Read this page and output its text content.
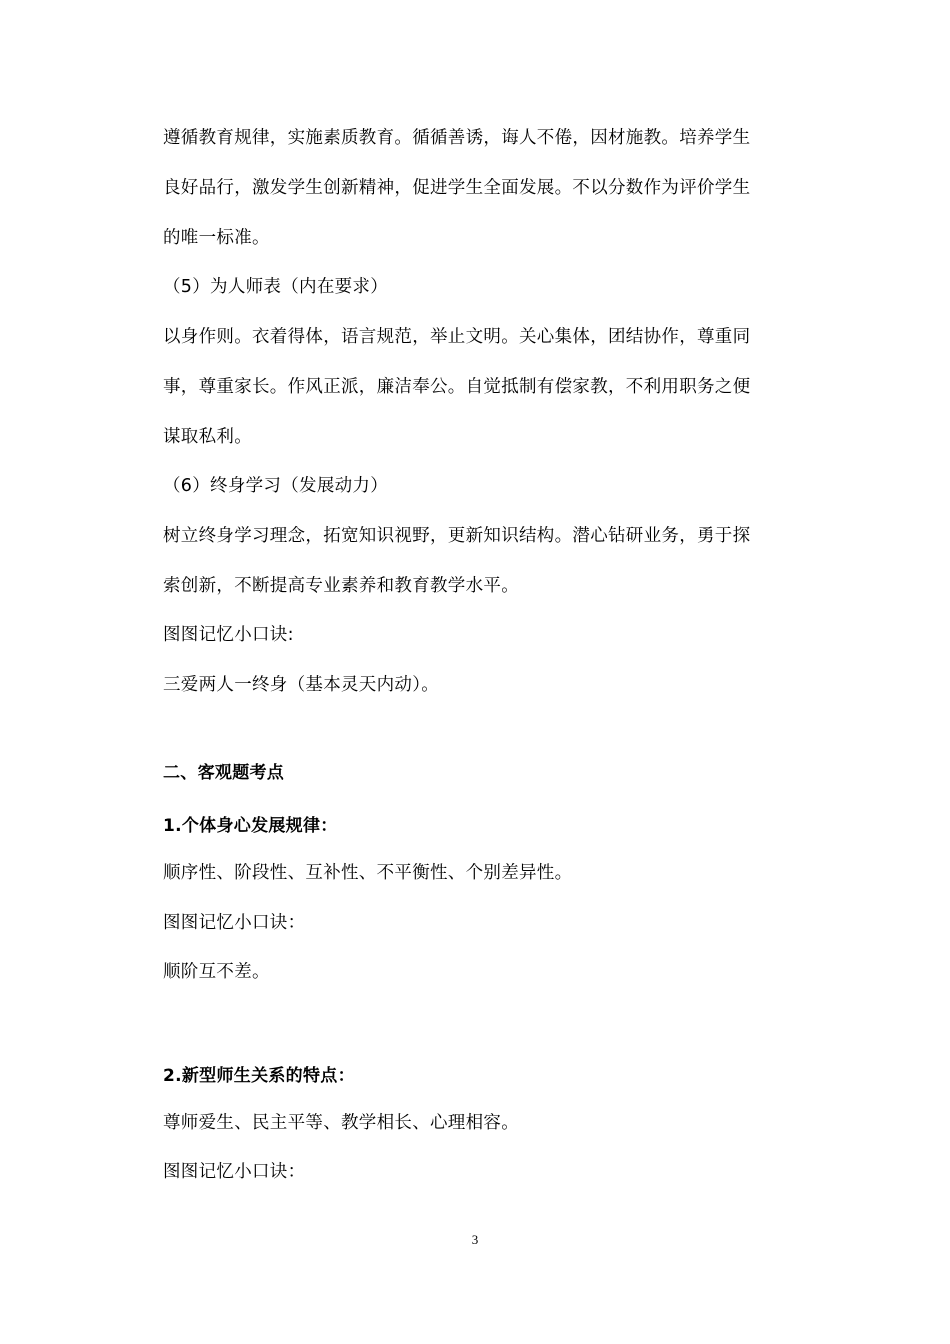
遵循教育规律，实施素质教育。循循善诱，诲人不倦，因材施教。培养学生
良好品行，激发学生创新精神，促进学生全面发展。不以分数作为评价学生
的唯一标准。
（5）为人师表（内在要求）
以身作则。衣着得体，语言规范，举止文明。关心集体，团结协作，尊重同
事，尊重家长。作风正派，廉洁奉公。自觉抵制有偿家教，不利用职务之便
谋取私利。
（6）终身学习（发展动力）
树立终身学习理念，拓宽知识视野，更新知识结构。潜心钻研业务，勇于探
索创新，不断提高专业素养和教育教学水平。
图图记忆小口诀:
三爱两人一终身（基本灵天内动）。
二、客观题考点
1.个体身心发展规律：
顺序性、阶段性、互补性、不平衡性、个别差异性。
图图记忆小口诀：
顺阶互不差。
2.新型师生关系的特点：
尊师爱生、民主平等、教学相长、心理相容。
图图记忆小口诀：
3
